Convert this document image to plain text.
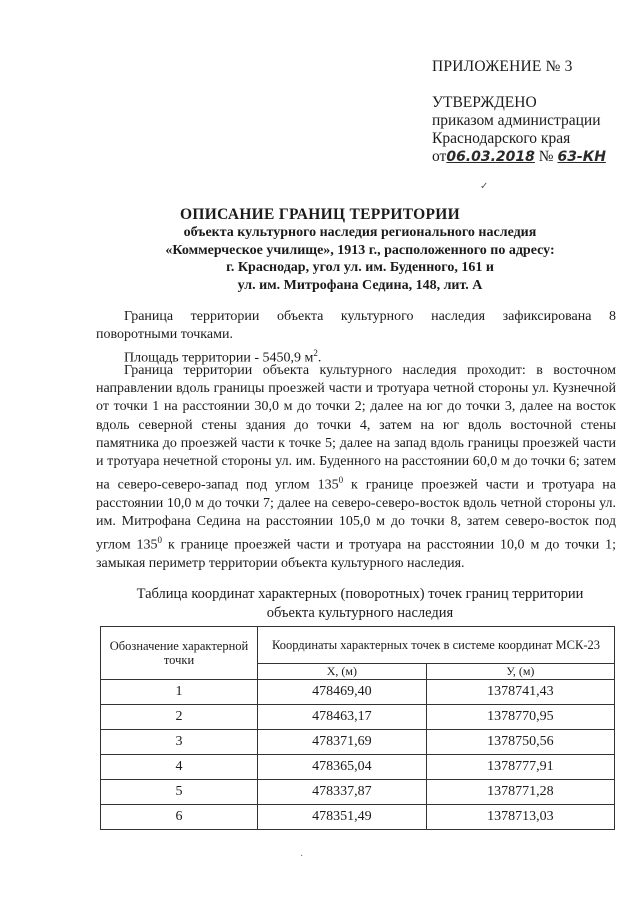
ПРИЛОЖЕНИЕ № 3
УТВЕРЖДЕНО
приказом администрации
Краснодарского края
от06.03.2018 № 63-КН
✓
ОПИСАНИЕ ГРАНИЦ ТЕРРИТОРИИ
объекта культурного наследия регионального наследия
«Коммерческое училище», 1913 г., расположенного по адресу:
г. Краснодар, угол ул. им. Буденного, 161 и
ул. им. Митрофана Седина, 148, лит. А
Граница территории объекта культурного наследия зафиксирована 8 поворотными точками.
Площадь территории - 5450,9 $м^2$.
Граница территории объекта культурного наследия проходит: в восточном направлении вдоль границы проезжей части и тротуара четной стороны ул. Кузнечной от точки 1 на расстоянии 30,0 м до точки 2; далее на юг до точки 3, далее на восток вдоль северной стены здания до точки 4, затем на юг вдоль восточной стены памятника до проезжей части к точке 5; далее на запад вдоль границы проезжей части и тротуара нечетной стороны ул. им. Буденного на расстоянии 60,0 м до точки 6; затем на северо-северо-запад под углом $135^0$ к границе проезжей части и тротуара на расстоянии 10,0 м до точки 7; далее на северо-северо-восток вдоль четной стороны ул. им. Митрофана Седина на расстоянии 105,0 м до точки 8, затем северо-восток под углом $135^0$ к границе проезжей части и тротуара на расстоянии 10,0 м до точки 1; замыкая периметр территории объекта культурного наследия.
Таблица координат характерных (поворотных) точек границ территории
объекта культурного наследия
Обозначение характерной точки	Координаты характерных точек в системе координат МСК-23	
	Х, (м)	У, (м)
1	478469,40	1378741,43
2	478463,17	1378770,95
3	478371,69	1378750,56
4	478365,04	1378777,91
5	478337,87	1378771,28
6	478351,49	1378713,03
·
